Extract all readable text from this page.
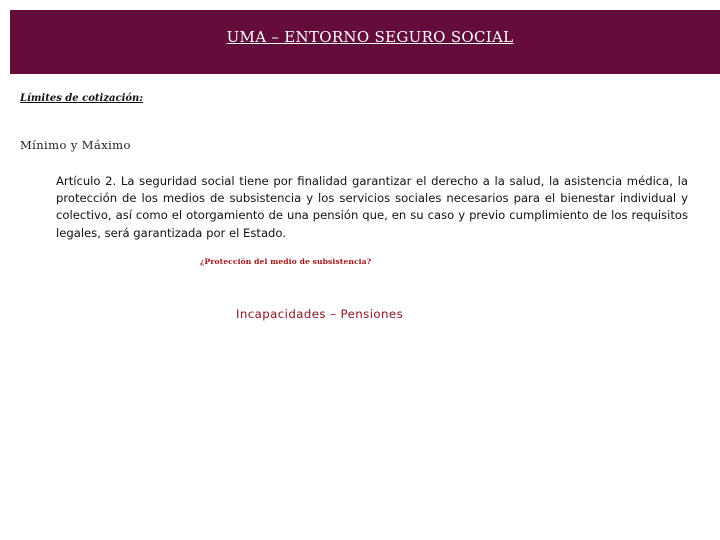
UMA – ENTORNO SEGURO SOCIAL
Límites de cotización:
Mínimo y Máximo

Artículo 2. La seguridad social tiene por finalidad garantizar el derecho a la salud, la asistencia médica, la protección de los medios de subsistencia y los servicios sociales necesarios para el bienestar individual y colectivo, así como el otorgamiento de una pensión que, en su caso y previo cumplimiento de los requisitos legales, será garantizada por el Estado.

¿Protección del medio de subsistencia?
Incapacidades – Pensiones
